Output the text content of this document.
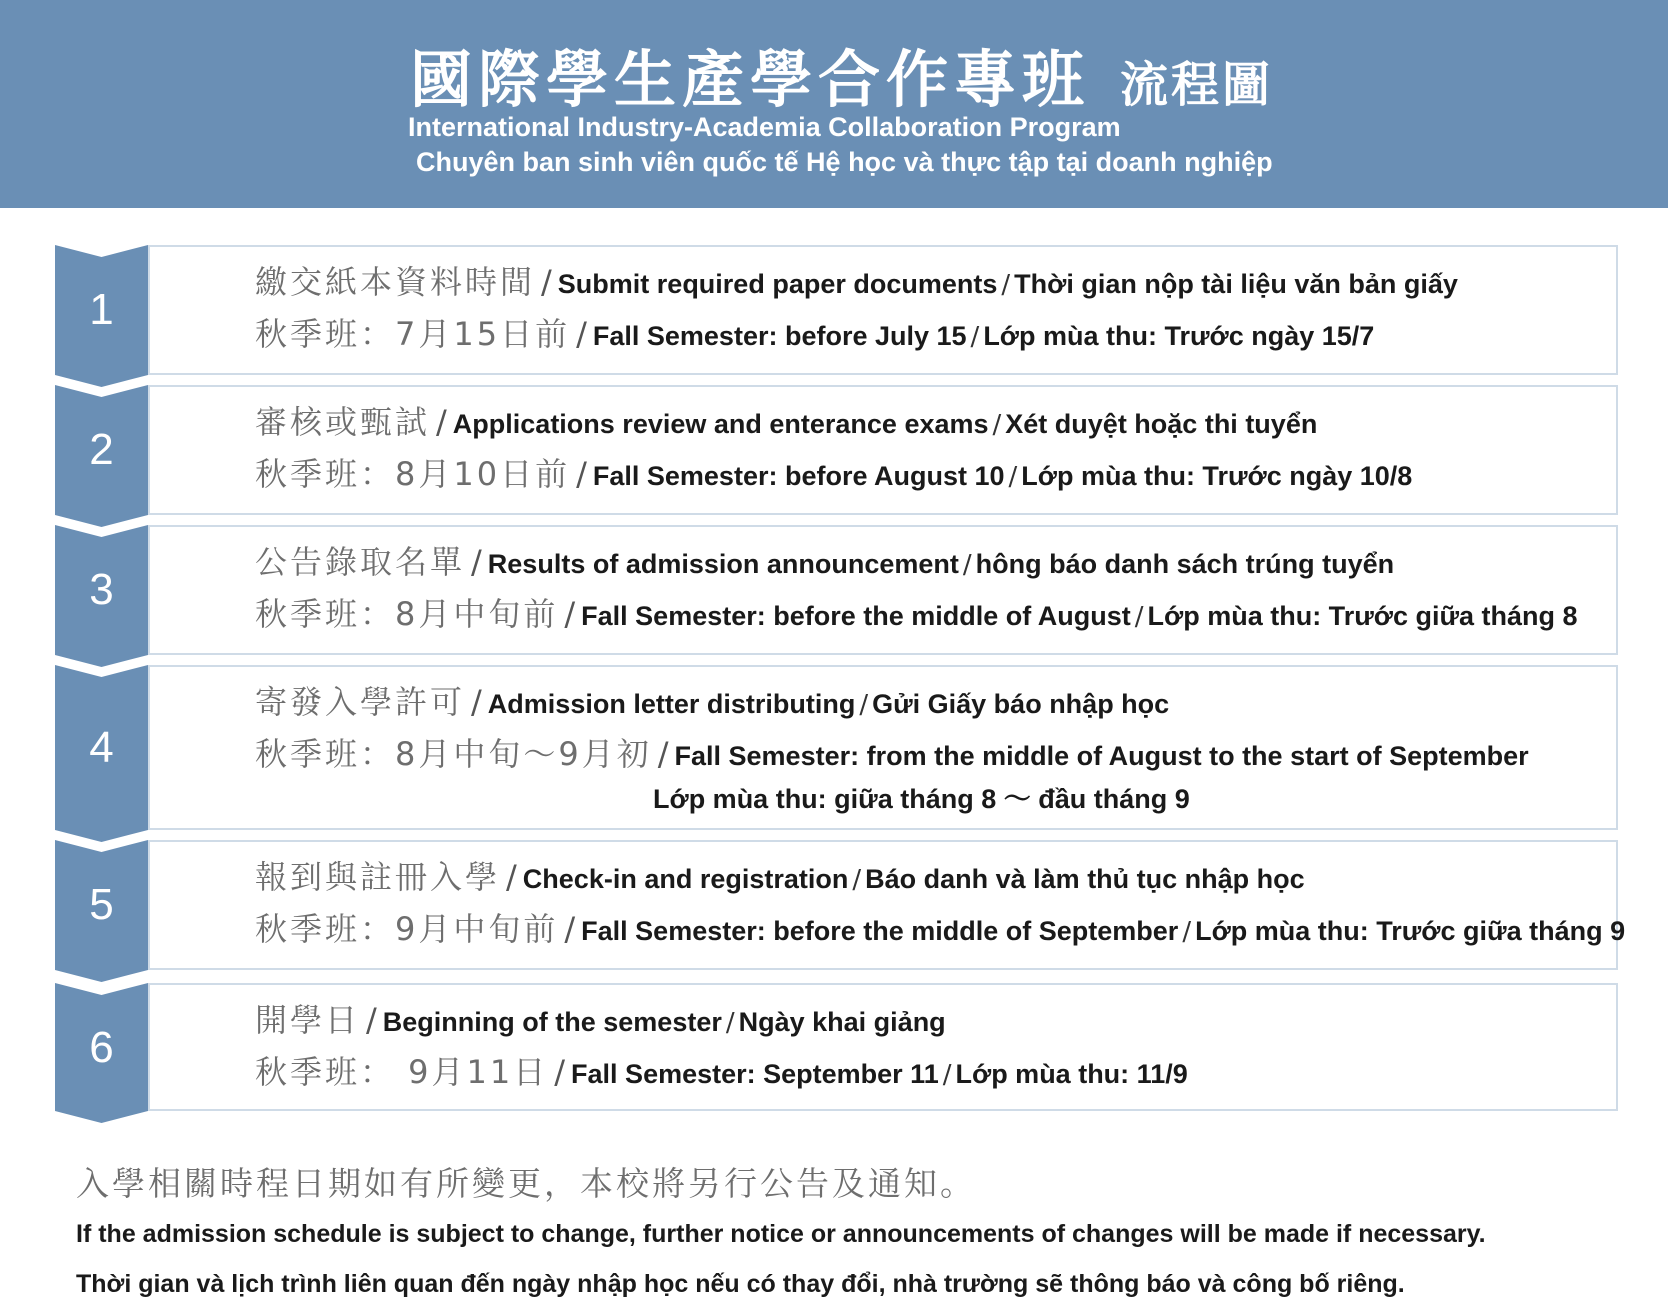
國際學生產學合作專班 流程圖
International Industry-Academia Collaboration Program
Chuyên ban sinh viên quốc tế Hệ học và thực tập tại doanh nghiệp
1
繳交紙本資料時間 / Submit required paper documents / Thời gian nộp tài liệu văn bản giấy
秋季班：7月15日前 / Fall Semester: before July 15 / Lớp mùa thu: Trước ngày 15/7
2
審核或甄試 / Applications review and enterance exams / Xét duyệt hoặc thi tuyển
秋季班：8月10日前 / Fall Semester: before August 10 / Lớp mùa thu: Trước ngày 10/8
3
公告錄取名單 / Results of admission announcement / hông báo danh sách trúng tuyển
秋季班：8月中旬前 / Fall Semester: before the middle of August / Lớp mùa thu: Trước giữa tháng 8
4
寄發入學許可 / Admission letter distributing / Gửi Giấy báo nhập học
秋季班：8月中旬～9月初 / Fall Semester: from the middle of August to the start of September
Lớp mùa thu: giữa tháng 8 ～ đầu tháng 9
5
報到與註冊入學 / Check-in and registration / Báo danh và làm thủ tục nhập học
秋季班：9月中旬前 / Fall Semester: before the middle of September / Lớp mùa thu: Trước giữa tháng 9
6
開學日 / Beginning of the semester / Ngày khai giảng
秋季班： 9月11日 / Fall Semester: September 11 / Lớp mùa thu: 11/9
入學相關時程日期如有所變更，本校將另行公告及通知。
If the admission schedule is subject to change, further notice or announcements of changes will be made if necessary.
Thời gian và lịch trình liên quan đến ngày nhập học nếu có thay đổi, nhà trường sẽ thông báo và công bố riêng.
